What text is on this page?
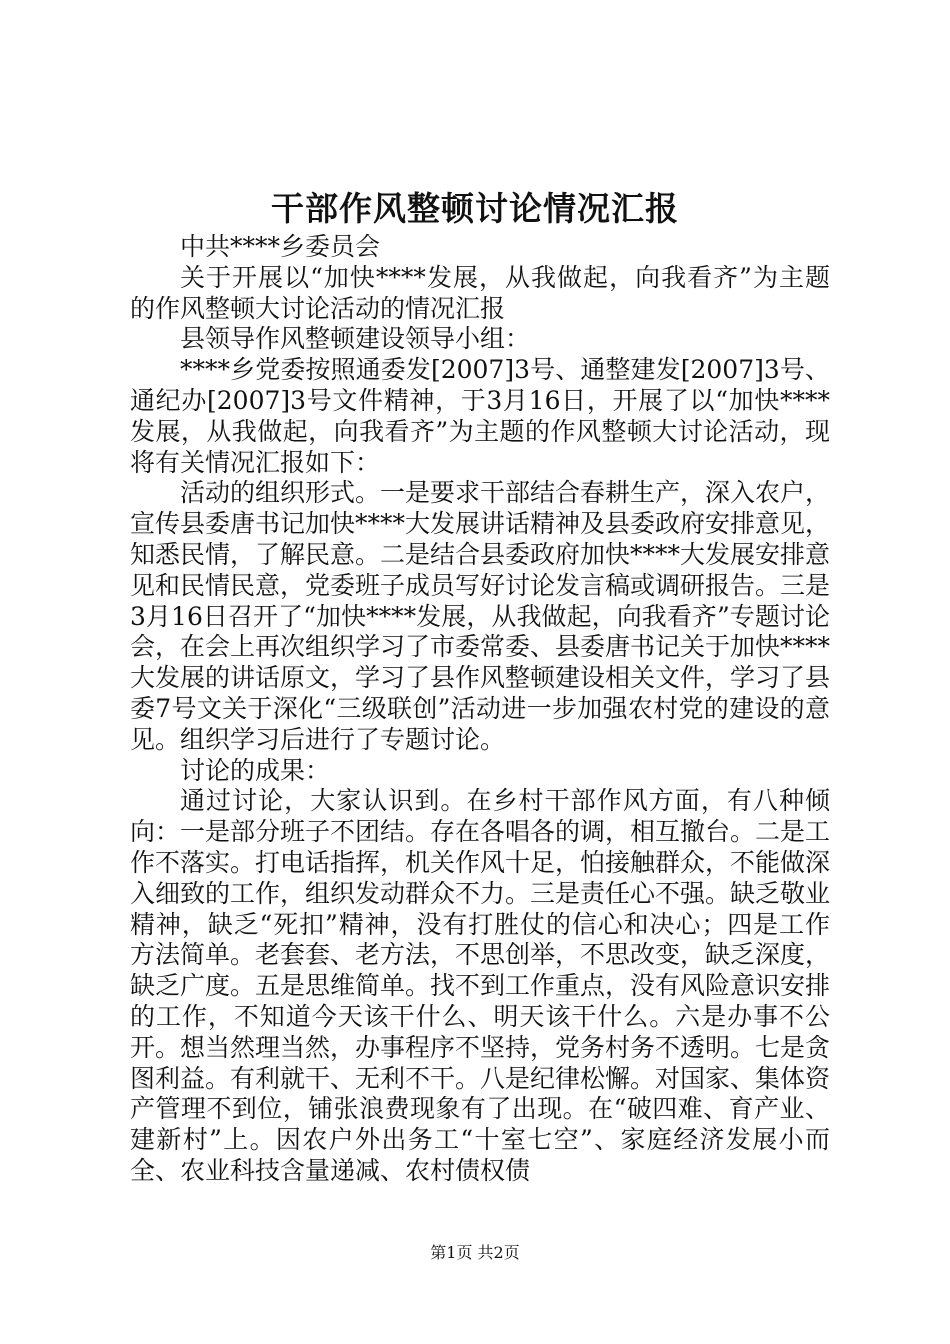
干部作风整顿讨论情况汇报

中共****乡委员会

关于开展以“加快****发展，从我做起，向我看齐”为主题的作风整顿大讨论活动的情况汇报

县领导作风整顿建设领导小组：

****乡党委按照通委发[2007]3号、通整建发[2007]3号、通纪办[2007]3号文件精神，于3月16日，开展了以“加快****发展，从我做起，向我看齐”为主题的作风整顿大讨论活动，现将有关情况汇报如下：

活动的组织形式。一是要求干部结合春耕生产，深入农户，宣传县委唐书记加快****大发展讲话精神及县委政府安排意见，知悉民情，了解民意。二是结合县委政府加快****大发展安排意见和民情民意，党委班子成员写好讨论发言稿或调研报告。三是3月16日召开了“加快****发展，从我做起，向我看齐”专题讨论会，在会上再次组织学习了市委常委、县委唐书记关于加快****大发展的讲话原文，学习了县作风整顿建设相关文件，学习了县委7号文关于深化“三级联创”活动进一步加强农村党的建设的意见。组织学习后进行了专题讨论。

讨论的成果：

通过讨论，大家认识到。在乡村干部作风方面，有八种倾向：一是部分班子不团结。存在各唱各的调，相互撤台。二是工作不落实。打电话指挥，机关作风十足，怕接触群众，不能做深入细致的工作，组织发动群众不力。三是责任心不强。缺乏敬业精神，缺乏“死扣”精神，没有打胜仗的信心和决心；四是工作方法简单。老套套、老方法，不思创举，不思改变，缺乏深度，缺乏广度。五是思维简单。找不到工作重点，没有风险意识安排的工作，不知道今天该干什么、明天该干什么。六是办事不公开。想当然理当然，办事程序不坚持，党务村务不透明。七是贪图利益。有利就干、无利不干。八是纪律松懈。对国家、集体资产管理不到位，铺张浪费现象有了出现。在“破四难、育产业、建新村”上。因农户外出务工“十室七空”、家庭经济发展小而全、农业科技含量递减、农村债权债

第1页 共2页
